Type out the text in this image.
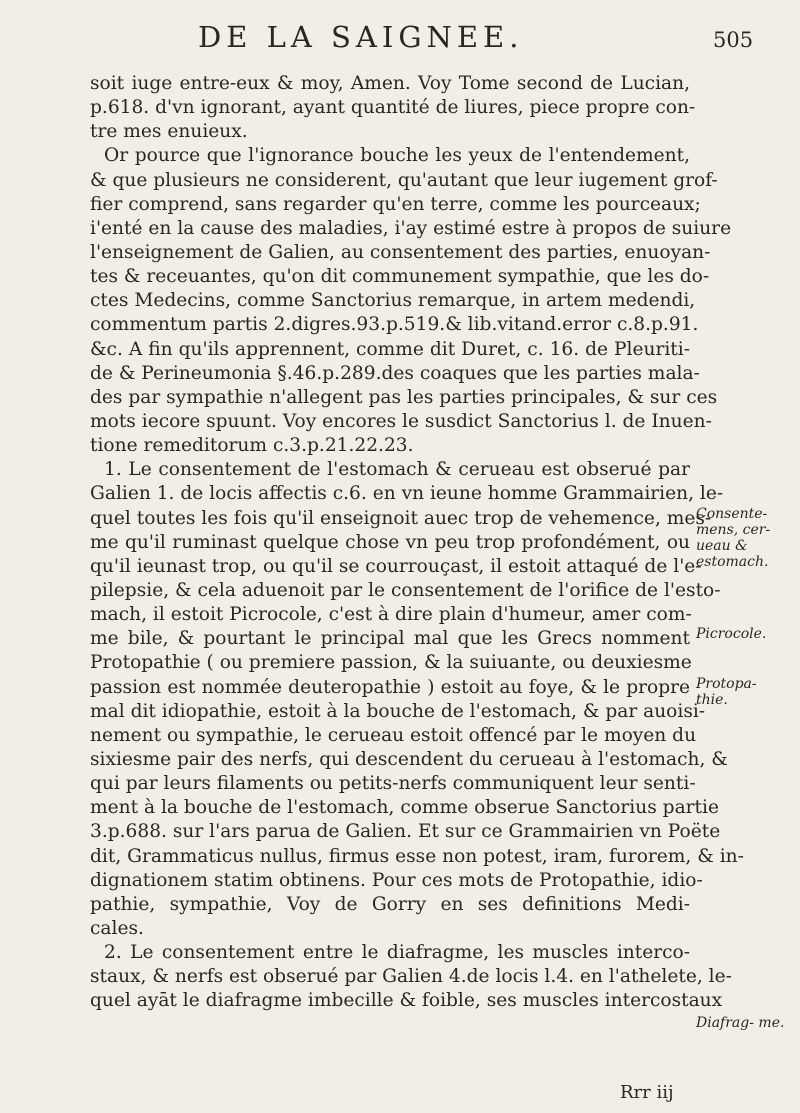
DE LA SAIGNEE.	505
soit iuge entre-eux & moy, Amen. Voy Tome second de Lucian,
p.618. d'vn ignorant, ayant quantité de liures, piece propre con-
tre mes enuieux.
Or pource que l'ignorance bouche les yeux de l'entendement,
& que plusieurs ne considerent, qu'autant que leur iugement grof-
fier comprend, sans regarder qu'en terre, comme les pourceaux;
i'enté en la cause des maladies, i'ay estimé estre à propos de suiure
l'enseignement de Galien, au consentement des parties, enuoyan-
tes & receuantes, qu'on dit communement sympathie, que les do-
ctes Medecins, comme Sanctorius remarque, in artem medendi,
commentum partis 2.digres.93.p.519.& lib.vitand.error c.8.p.91.
&c. A fin qu'ils apprennent, comme dit Duret, c. 16. de Pleuriti-
de & Perineumonia §.46.p.289.des coaques que les parties mala-
des par sympathie n'allegent pas les parties principales, & sur ces
mots iecore spuunt. Voy encores le susdict Sanctorius l. de Inuen-
tione remeditorum c.3.p.21.22.23.
1. Le consentement de l'estomach & cerueau est obserué par
Galien 1. de locis affectis c.6. en vn ieune homme Grammairien, le-
quel toutes les fois qu'il enseignoit auec trop de vehemence, mes-
me qu'il ruminast quelque chose vn peu trop profondément, ou
qu'il ieunast trop, ou qu'il se courrouçast, il estoit attaqué de l'e-
pilepsie, & cela aduenoit par le consentement de l'orifice de l'esto-
mach, il estoit Picrocole, c'est à dire plain d'humeur, amer com-
me bile, & pourtant le principal mal que les Grecs nomment
Protopathie ( ou premiere passion, & la suiuante, ou deuxiesme
passion est nommée deuteropathie ) estoit au foye, & le propre
mal dit idiopathie, estoit à la bouche de l'estomach, & par auoisi-
nement ou sympathie, le cerueau estoit offencé par le moyen du
sixiesme pair des nerfs, qui descendent du cerueau à l'estomach, &
qui par leurs filaments ou petits-nerfs communiquent leur senti-
ment à la bouche de l'estomach, comme obserue Sanctorius partie
3.p.688. sur l'ars parua de Galien. Et sur ce Grammairien vn Poëte
dit, Grammaticus nullus, firmus esse non potest, iram, furorem, & in-
dignationem statim obtinens. Pour ces mots de Protopathie, idio-
pathie, sympathie, Voy de Gorry en ses definitions Medi-
cales.
2. Le consentement entre le diafragme, les muscles interco-
staux, & nerfs est obserué par Galien 4.de locis l.4. en l'athelete, le-
quel ayāt le diafragme imbecille & foible, ses muscles intercostaux
Consente- mens, cer- ueau & estomach.
Picrocole.
Protopa- thie.
Diafrag- me.
Rrr iij
